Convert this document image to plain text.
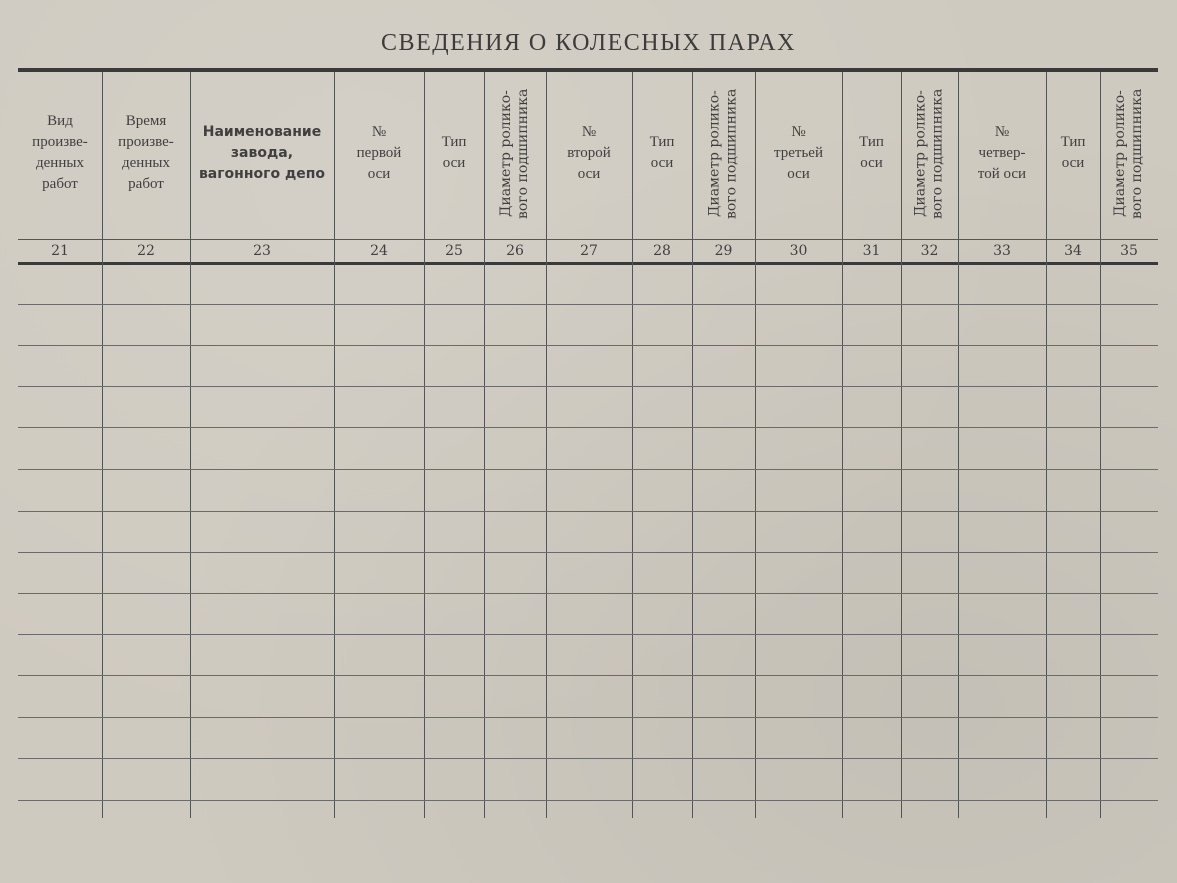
СВЕДЕНИЯ О КОЛЕСНЫХ ПАРАХ
Вид
произве-
денных
работ
21
Время
произве-
денных
работ
22
Наименование
завода,
вагонного депо
23
№
первой
оси
24
Тип
оси
25
Диаметр ролико-
вого подшипника
26
№
второй
оси
27
Тип
оси
28
Диаметр ролико-
вого подшипника
29
№
третьей
оси
30
Тип
оси
31
Диаметр ролико-
вого подшипника
32
№
четвер-
той оси
33
Тип
оси
34
Диаметр ролико-
вого подшипника
35
